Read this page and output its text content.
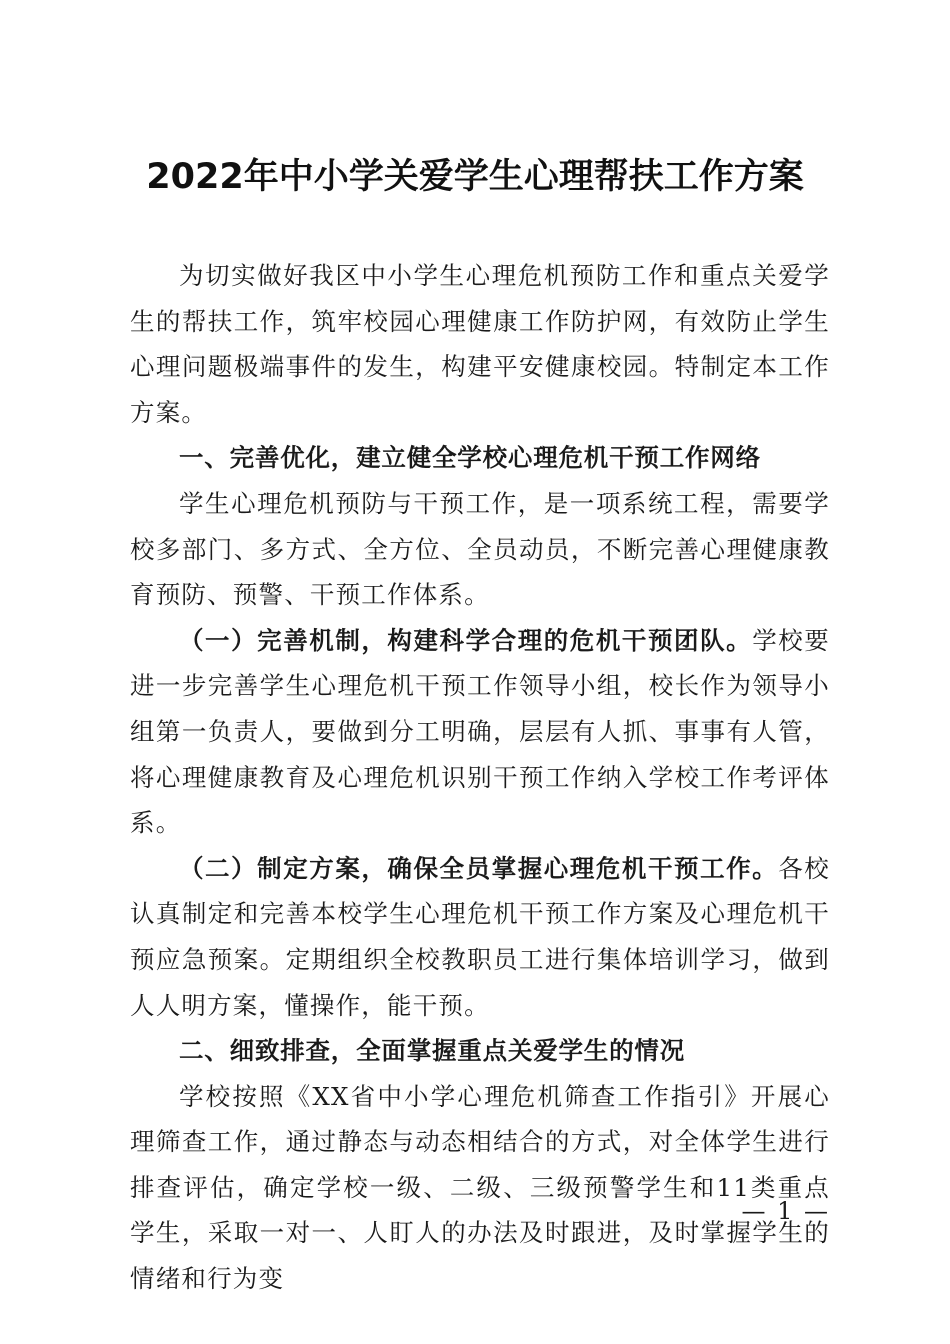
2022年中小学关爱学生心理帮扶工作方案

为切实做好我区中小学生心理危机预防工作和重点关爱学生的帮扶工作，筑牢校园心理健康工作防护网，有效防止学生心理问题极端事件的发生，构建平安健康校园。特制定本工作方案。

一、完善优化，建立健全学校心理危机干预工作网络

学生心理危机预防与干预工作，是一项系统工程，需要学校多部门、多方式、全方位、全员动员，不断完善心理健康教育预防、预警、干预工作体系。

（一）完善机制，构建科学合理的危机干预团队。学校要进一步完善学生心理危机干预工作领导小组，校长作为领导小组第一负责人，要做到分工明确，层层有人抓、事事有人管，将心理健康教育及心理危机识别干预工作纳入学校工作考评体系。

（二）制定方案，确保全员掌握心理危机干预工作。各校认真制定和完善本校学生心理危机干预工作方案及心理危机干预应急预案。定期组织全校教职员工进行集体培训学习，做到人人明方案，懂操作，能干预。

二、细致排查，全面掌握重点关爱学生的情况

学校按照《XX省中小学心理危机筛查工作指引》开展心理筛查工作，通过静态与动态相结合的方式，对全体学生进行排查评估，确定学校一级、二级、三级预警学生和11类重点学生，采取一对一、人盯人的办法及时跟进，及时掌握学生的情绪和行为变

— 1 —
